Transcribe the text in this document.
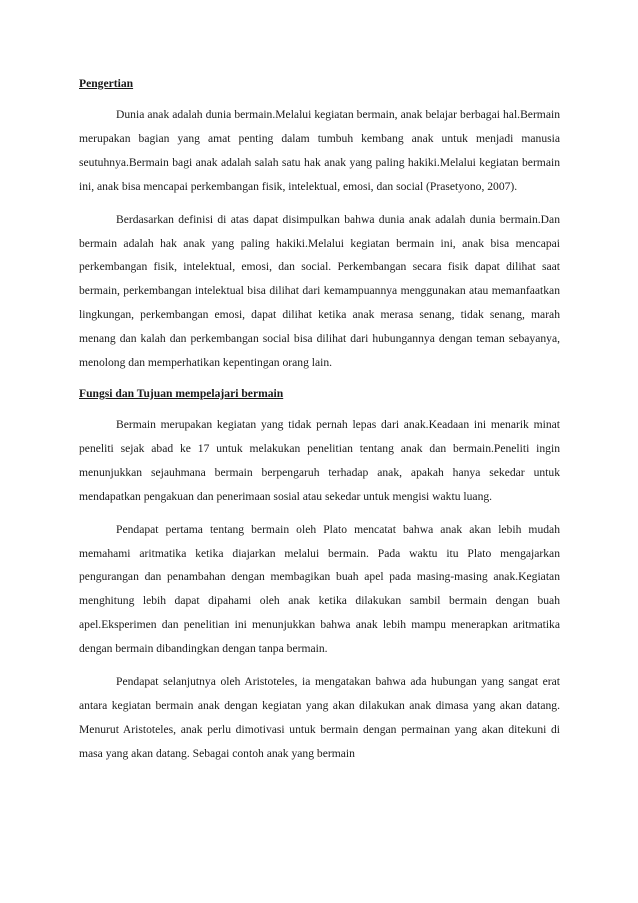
Pengertian

Dunia anak adalah dunia bermain.Melalui kegiatan bermain, anak belajar berbagai hal.Bermain merupakan bagian yang amat penting dalam tumbuh kembang anak untuk menjadi manusia seutuhnya.Bermain bagi anak adalah salah satu hak anak yang paling hakiki.Melalui kegiatan bermain ini, anak bisa mencapai perkembangan fisik, intelektual, emosi, dan social (Prasetyono, 2007).

Berdasarkan definisi di atas dapat disimpulkan bahwa dunia anak adalah dunia bermain.Dan bermain adalah hak anak yang paling hakiki.Melalui kegiatan bermain ini, anak bisa mencapai perkembangan fisik, intelektual, emosi, dan social. Perkembangan secara fisik dapat dilihat saat bermain, perkembangan intelektual bisa dilihat dari kemampuannya menggunakan atau memanfaatkan lingkungan, perkembangan emosi, dapat dilihat ketika anak merasa senang, tidak senang, marah menang dan kalah dan perkembangan social bisa dilihat dari hubungannya dengan teman sebayanya, menolong dan memperhatikan kepentingan orang lain.

Fungsi dan Tujuan mempelajari bermain

Bermain merupakan kegiatan yang tidak pernah lepas dari anak.Keadaan ini menarik minat peneliti sejak abad ke 17 untuk melakukan penelitian tentang anak dan bermain.Peneliti ingin menunjukkan sejauhmana bermain berpengaruh terhadap anak, apakah hanya sekedar untuk mendapatkan pengakuan dan penerimaan sosial atau sekedar untuk mengisi waktu luang.

Pendapat pertama tentang bermain oleh Plato mencatat bahwa anak akan lebih mudah memahami aritmatika ketika diajarkan melalui bermain. Pada waktu itu Plato mengajarkan pengurangan dan penambahan dengan membagikan buah apel pada masing-masing anak.Kegiatan menghitung lebih dapat dipahami oleh anak ketika dilakukan sambil bermain dengan buah apel.Eksperimen dan penelitian ini menunjukkan bahwa anak lebih mampu menerapkan aritmatika dengan bermain dibandingkan dengan tanpa bermain.

Pendapat selanjutnya oleh Aristoteles, ia mengatakan bahwa ada hubungan yang sangat erat antara kegiatan bermain anak dengan kegiatan yang akan dilakukan anak dimasa yang akan datang. Menurut Aristoteles, anak perlu dimotivasi untuk bermain dengan permainan yang akan ditekuni di masa yang akan datang. Sebagai contoh anak yang bermain
